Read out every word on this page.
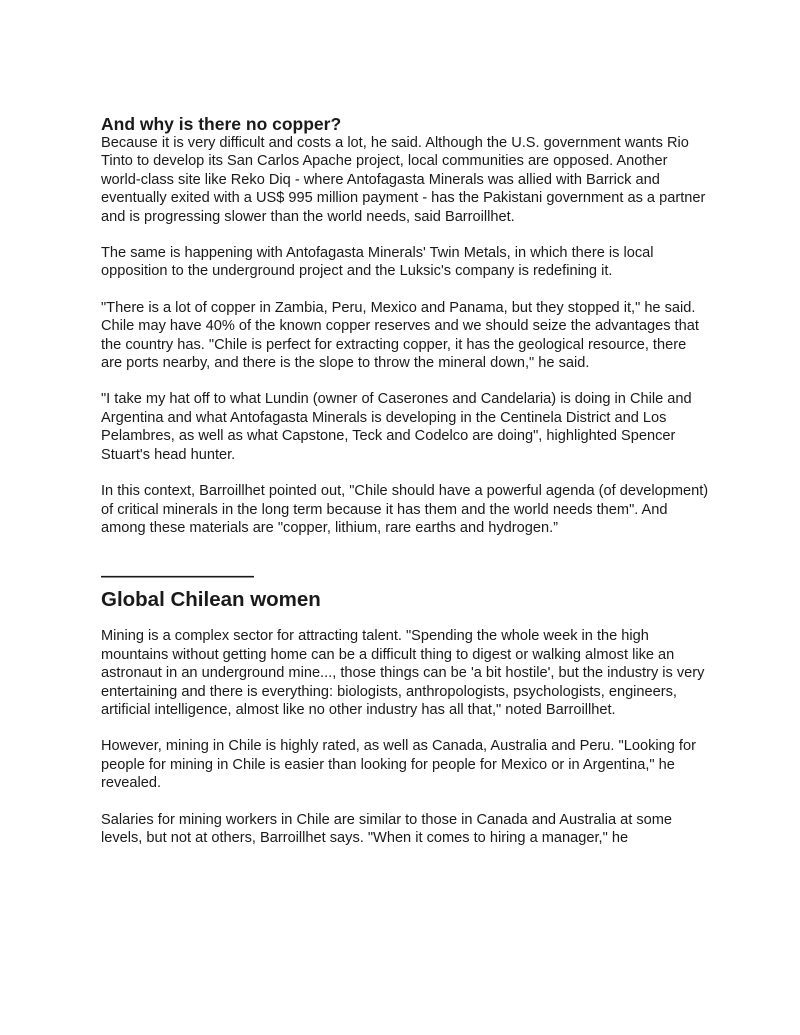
And why is there no copper?

Because it is very difficult and costs a lot, he said. Although the U.S. government wants Rio Tinto to develop its San Carlos Apache project, local communities are opposed. Another world-class site like Reko Diq - where Antofagasta Minerals was allied with Barrick and eventually exited with a US$ 995 million payment - has the Pakistani government as a partner and is progressing slower than the world needs, said Barroillhet.

The same is happening with Antofagasta Minerals' Twin Metals, in which there is local opposition to the underground project and the Luksic's company is redefining it.

"There is a lot of copper in Zambia, Peru, Mexico and Panama, but they stopped it," he said.

Chile may have 40% of the known copper reserves and we should seize the advantages that the country has. "Chile is perfect for extracting copper, it has the geological resource, there are ports nearby, and there is the slope to throw the mineral down," he said.

"I take my hat off to what Lundin (owner of Caserones and Candelaria) is doing in Chile and Argentina and what Antofagasta Minerals is developing in the Centinela District and Los Pelambres, as well as what Capstone, Teck and Codelco are doing", highlighted Spencer Stuart's head hunter.

In this context, Barroillhet pointed out, "Chile should have a powerful agenda (of development) of critical minerals in the long term because it has them and the world needs them". And among these materials are "copper, lithium, rare earths and hydrogen.”

—————————
Global Chilean women

Mining is a complex sector for attracting talent. "Spending the whole week in the high mountains without getting home can be a difficult thing to digest or walking almost like an astronaut in an underground mine..., those things can be 'a bit hostile', but the industry is very entertaining and there is everything: biologists, anthropologists, psychologists, engineers, artificial intelligence, almost like no other industry has all that," noted Barroillhet.

However, mining in Chile is highly rated, as well as Canada, Australia and Peru. "Looking for people for mining in Chile is easier than looking for people for Mexico or in Argentina," he revealed.

Salaries for mining workers in Chile are similar to those in Canada and Australia at some levels, but not at others, Barroillhet says. "When it comes to hiring a manager," he
